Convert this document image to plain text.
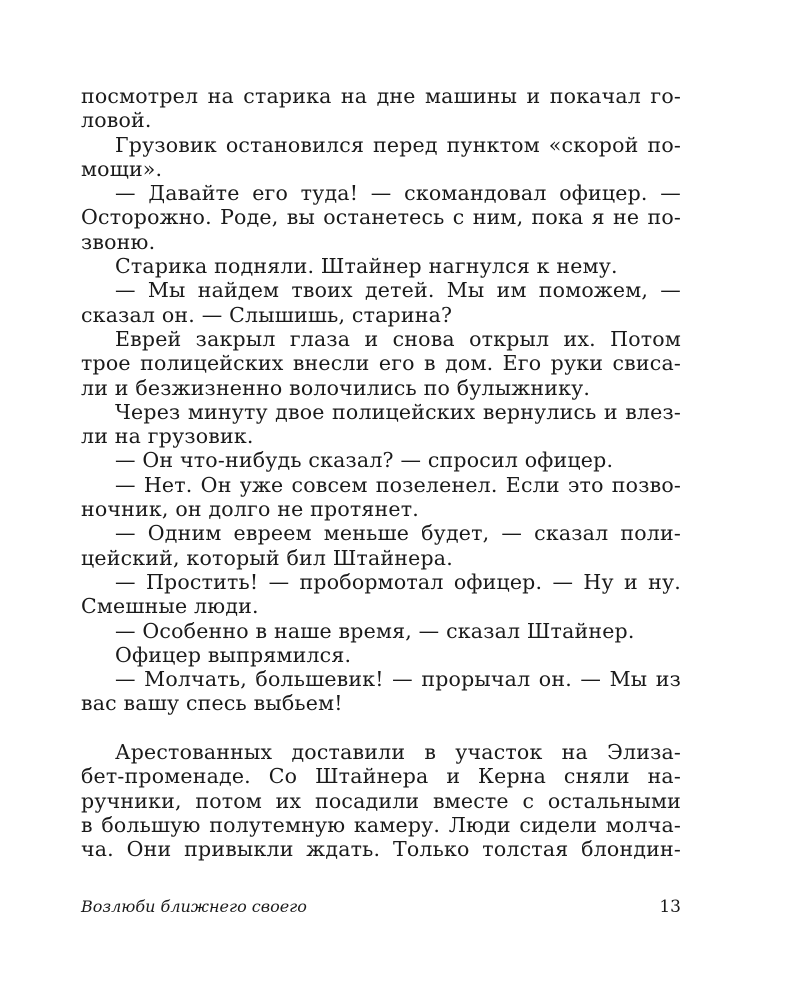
посмотрел на старика на дне машины и покачал го-
ловой.
Грузовик остановился перед пунктом «скорой по-
мощи».
— Давайте его туда! — скомандовал офицер. —
Осторожно. Роде, вы останетесь с ним, пока я не по-
звоню.
Старика подняли. Штайнер нагнулся к нему.
— Мы найдем твоих детей. Мы им поможем, —
сказал он. — Слышишь, старина?
Еврей закрыл глаза и снова открыл их. Потом
трое полицейских внесли его в дом. Его руки свиса-
ли и безжизненно волочились по булыжнику.
Через минуту двое полицейских вернулись и влез-
ли на грузовик.
— Он что-нибудь сказал? — спросил офицер.
— Нет. Он уже совсем позеленел. Если это позво-
ночник, он долго не протянет.
— Одним евреем меньше будет, — сказал поли-
цейский, который бил Штайнера.
— Простить! — пробормотал офицер. — Ну и ну.
Смешные люди.
— Особенно в наше время, — сказал Штайнер.
Офицер выпрямился.
— Молчать, большевик! — прорычал он. — Мы из
вас вашу спесь выбьем!
Арестованных доставили в участок на Элиза-
бет-променаде. Со Штайнера и Керна сняли на-
ручники, потом их посадили вместе с остальными
в большую полутемную камеру. Люди сидели молча-
ча. Они привыкли ждать. Только толстая блондин-
Возлюби ближнего своего	13
